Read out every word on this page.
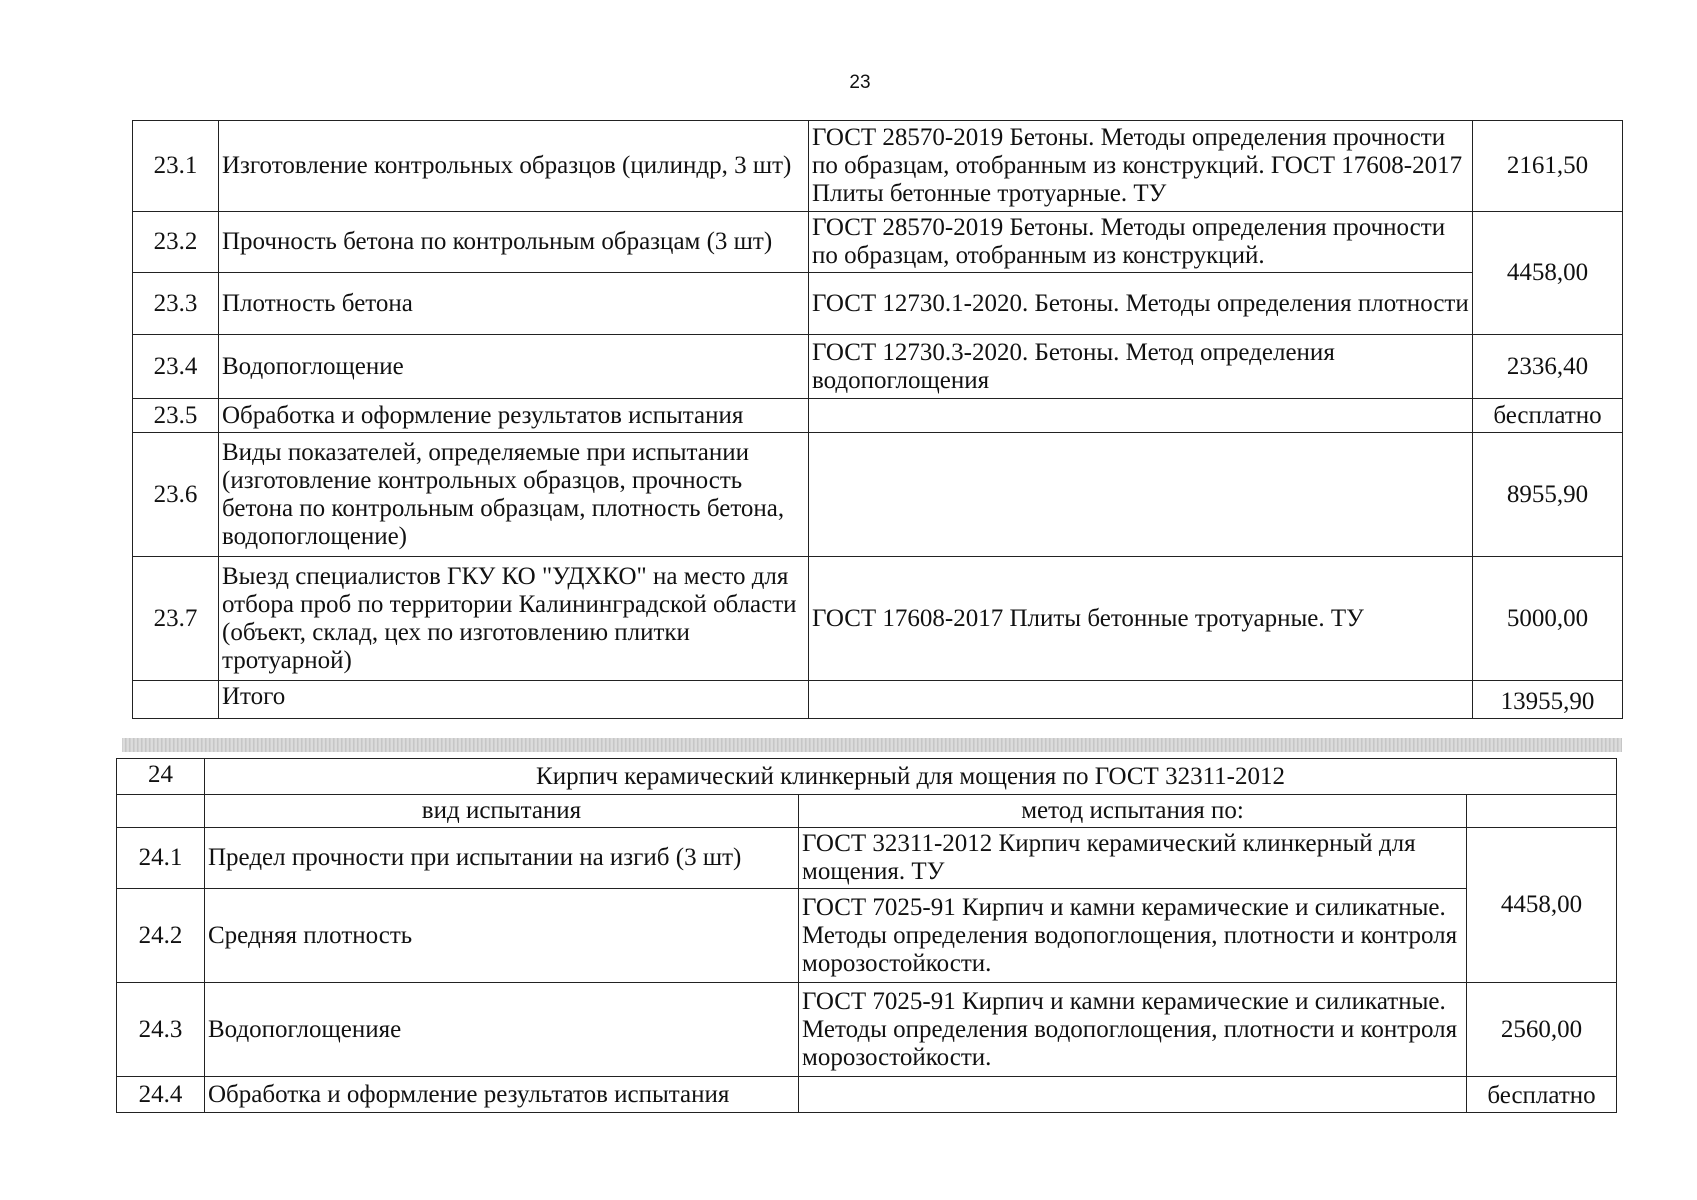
23
23.1	Изготовление контрольных образцов (цилиндр, 3 шт)	ГОСТ 28570-2019 Бетоны. Методы определения прочности по образцам, отобранным из конструкций. ГОСТ 17608-2017 Плиты бетонные тротуарные. ТУ	2161,50
23.2	Прочность бетона по контрольным образцам (3 шт)	ГОСТ 28570-2019 Бетоны. Методы определения прочности по образцам, отобранным из конструкций.	4458,00
23.3	Плотность бетона	ГОСТ 12730.1-2020. Бетоны. Методы определения плотности	
23.4	Водопоглощение	ГОСТ 12730.3-2020. Бетоны. Метод определения водопоглощения	2336,40
23.5	Обработка и оформление результатов испытания		бесплатно
23.6	Виды показателей, определяемые при испытании (изготовление контрольных образцов, прочность бетона по контрольным образцам, плотность бетона, водопоглощение)		8955,90
23.7	Выезд специалистов ГКУ КО "УДХКО" на место для отбора проб по территории Калининградской области (объект, склад, цех по изготовлению плитки тротуарной)	ГОСТ 17608-2017 Плиты бетонные тротуарные. ТУ	5000,00
	Итого		13955,90
24	Кирпич керамический клинкерный для мощения по ГОСТ 32311-2012		
	вид испытания	метод испытания по:	
24.1	Предел прочности при испытании на изгиб (3 шт)	ГОСТ 32311-2012 Кирпич керамический клинкерный для мощения. ТУ	4458,00
24.2	Средняя плотность	ГОСТ 7025-91 Кирпич и камни керамические и силикатные. Методы определения водопоглощения, плотности и контроля морозостойкости.	
24.3	Водопоглощенияе	ГОСТ 7025-91 Кирпич и камни керамические и силикатные. Методы определения водопоглощения, плотности и контроля морозостойкости.	2560,00
24.4	Обработка и оформление результатов испытания		бесплатно
